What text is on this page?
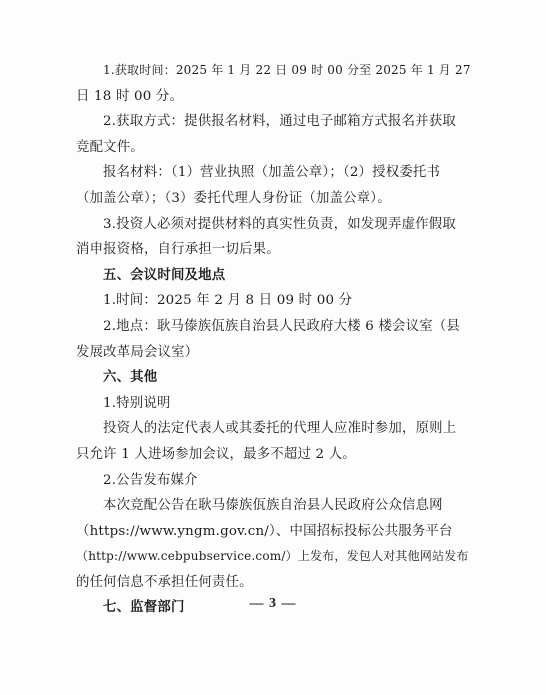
1.获取时间：2025 年 1 月 22 日 09 时 00 分至 2025 年 1 月 27
日 18 时 00 分。
2.获取方式：提供报名材料，通过电子邮箱方式报名并获取
竞配文件。
报名材料：（1）营业执照（加盖公章）；（2）授权委托书
（加盖公章）；（3）委托代理人身份证（加盖公章）。
3.投资人必须对提供材料的真实性负责，如发现弄虚作假取
消申报资格，自行承担一切后果。
五、会议时间及地点
1.时间：2025 年 2 月 8 日 09 时 00 分
2.地点：耿马傣族佤族自治县人民政府大楼 6 楼会议室（县
发展改革局会议室）
六、其他
1.特别说明
投资人的法定代表人或其委托的代理人应准时参加，原则上
只允许 1 人进场参加会议，最多不超过 2 人。
2.公告发布媒介
本次竞配公告在耿马傣族佤族自治县人民政府公众信息网
（https://www.yngm.gov.cn/）、中国招标投标公共服务平台
（http://www.cebpubservice.com/）上发布，发包人对其他网站发布
的任何信息不承担任何责任。
七、监督部门	— 3 —
